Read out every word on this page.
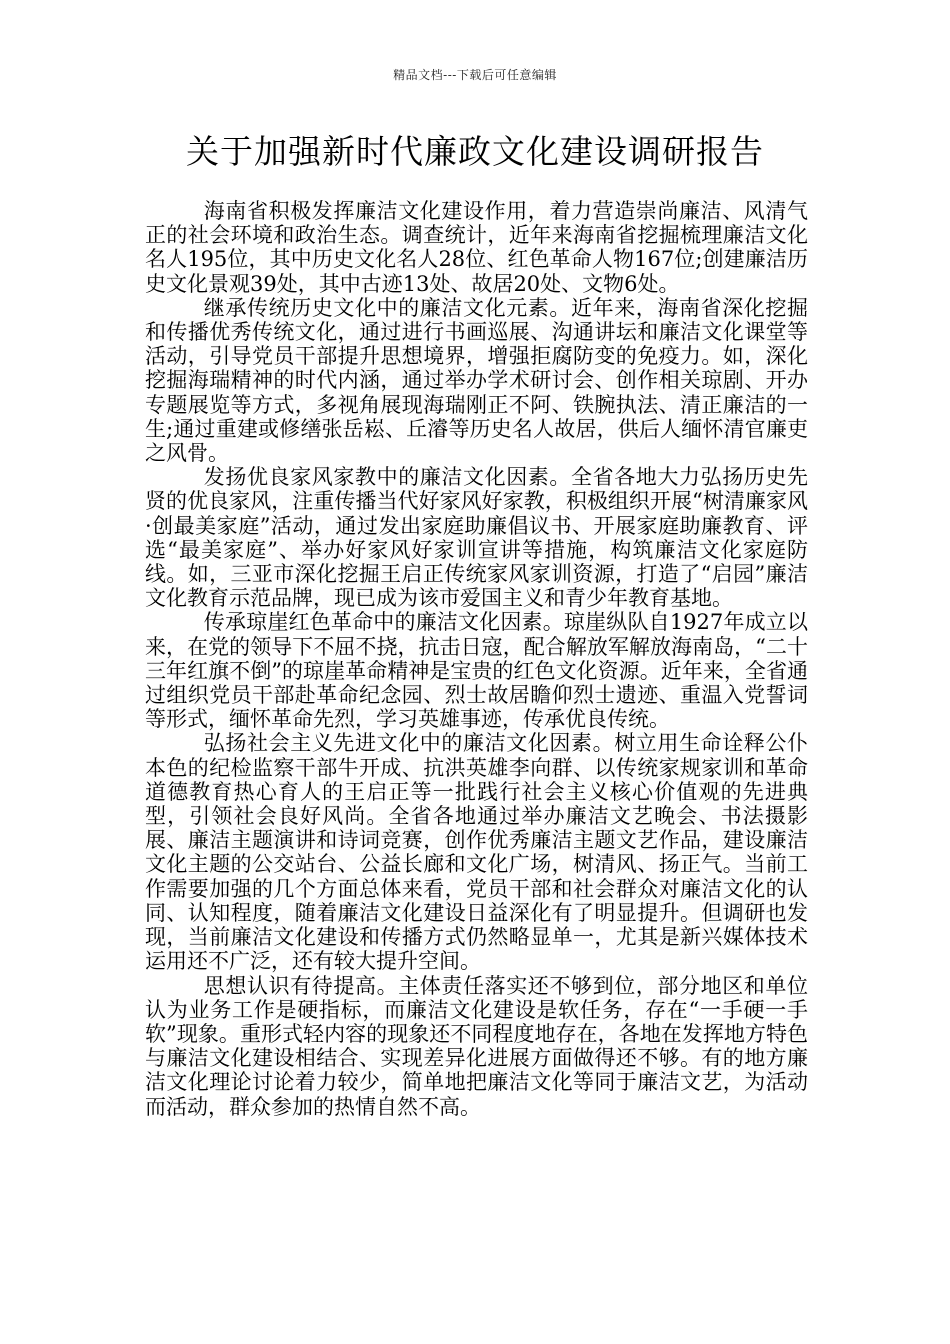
精品文档---下载后可任意编辑
关于加强新时代廉政文化建设调研报告

海南省积极发挥廉洁文化建设作用，着力营造崇尚廉洁、风清气正的社会环境和政治生态。调查统计，近年来海南省挖掘梳理廉洁文化名人195位，其中历史文化名人28位、红色革命人物167位;创建廉洁历史文化景观39处，其中古迹13处、故居20处、文物6处。

继承传统历史文化中的廉洁文化元素。近年来，海南省深化挖掘和传播优秀传统文化，通过进行书画巡展、沟通讲坛和廉洁文化课堂等活动，引导党员干部提升思想境界，增强拒腐防变的免疫力。如，深化挖掘海瑞精神的时代内涵，通过举办学术研讨会、创作相关琼剧、开办专题展览等方式，多视角展现海瑞刚正不阿、铁腕执法、清正廉洁的一生;通过重建或修缮张岳崧、丘濬等历史名人故居，供后人缅怀清官廉吏之风骨。

发扬优良家风家教中的廉洁文化因素。全省各地大力弘扬历史先贤的优良家风，注重传播当代好家风好家教，积极组织开展“树清廉家风·创最美家庭”活动，通过发出家庭助廉倡议书、开展家庭助廉教育、评选“最美家庭”、举办好家风好家训宣讲等措施，构筑廉洁文化家庭防线。如，三亚市深化挖掘王启正传统家风家训资源，打造了“启园”廉洁文化教育示范品牌，现已成为该市爱国主义和青少年教育基地。

传承琼崖红色革命中的廉洁文化因素。琼崖纵队自1927年成立以来，在党的领导下不屈不挠，抗击日寇，配合解放军解放海南岛，“二十三年红旗不倒”的琼崖革命精神是宝贵的红色文化资源。近年来，全省通过组织党员干部赴革命纪念园、烈士故居瞻仰烈士遗迹、重温入党誓词等形式，缅怀革命先烈，学习英雄事迹，传承优良传统。

弘扬社会主义先进文化中的廉洁文化因素。树立用生命诠释公仆本色的纪检监察干部牛开成、抗洪英雄李向群、以传统家规家训和革命道德教育热心育人的王启正等一批践行社会主义核心价值观的先进典型，引领社会良好风尚。全省各地通过举办廉洁文艺晚会、书法摄影展、廉洁主题演讲和诗词竞赛，创作优秀廉洁主题文艺作品，建设廉洁文化主题的公交站台、公益长廊和文化广场，树清风、扬正气。当前工作需要加强的几个方面总体来看，党员干部和社会群众对廉洁文化的认同、认知程度，随着廉洁文化建设日益深化有了明显提升。但调研也发现，当前廉洁文化建设和传播方式仍然略显单一，尤其是新兴媒体技术运用还不广泛，还有较大提升空间。

思想认识有待提高。主体责任落实还不够到位，部分地区和单位认为业务工作是硬指标，而廉洁文化建设是软任务，存在“一手硬一手软”现象。重形式轻内容的现象还不同程度地存在，各地在发挥地方特色与廉洁文化建设相结合、实现差异化进展方面做得还不够。有的地方廉洁文化理论讨论着力较少，简单地把廉洁文化等同于廉洁文艺，为活动而活动，群众参加的热情自然不高。
